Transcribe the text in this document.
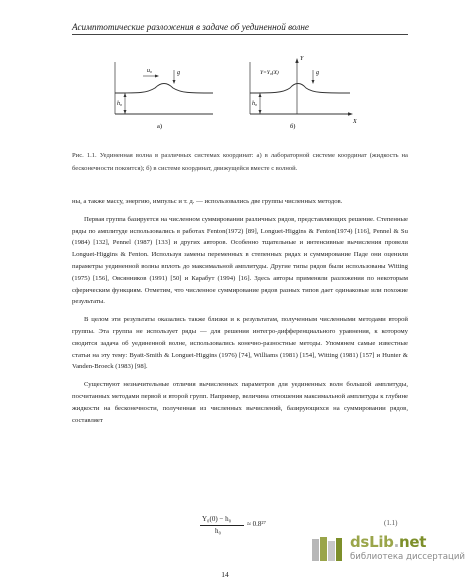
Асимптотические разложения в задаче об уединенной волне
u₀	g
h₀
а)
Y
Y=Y₀(X)	g
h₀
X
б)
Рис. 1.1. Уединенная волна в различных системах координат: а) в лабораторной системе координат (жидкость на бесконечности покоится); б) в системе координат, движущейся вместе с волной.

ны, а также массу, энергию, импульс и т. д. — использовались две группы численных методов.

Первая группа базируется на численном суммировании различных рядов, представляющих решение. Степенные ряды по амплитуде использовались в работах Fenton(1972) [89], Longuet-Higgins & Fenton(1974) [116], Pennel & Su (1984) [132], Pennel (1987) [133] и других авторов. Особенно тщательные и интенсивные вычисления провели Longuet-Higgins & Fenton. Используя замены переменных в степенных рядах и суммирование Паде они оценили параметры уединенной волны вплоть до максимальной амплитуды. Другие типы рядов были использованы Witting (1975) [156], Овсянников (1991) [50] и Карабут (1994) [16]. Здесь авторы применяли разложения по некоторым сферическим функциям. Отметим, что численное суммирование рядов разных типов дает одинаковые или похожие результаты.

В целом эти результаты оказались также близки и к результатам, полученным численными методами второй группы. Эта группа не использует ряды — для решения интегро-дифференциального уравнения, к которому сводится задача об уединенной волне, использовались конечно-разностные методы. Упомянем самые известные статьи на эту тему: Byatt-Smith & Longuet-Higgins (1976) [74], Williams (1981) [154], Witting (1981) [157] и Hunter & Vanden-Broeck (1983) [98].

Существуют незначительные отличия вычисленных параметров для уединенных волн большой амплитуды, посчитанных методами первой и второй групп. Например, величина отношения максимальной амплитуды к глубине жидкости на бесконечности, полученная из численных вычислений, базирующихся на суммировании рядов, составляет

Y₀(0) − h₀
h₀
≈ 0.8²⁷	(1.1)
14
dsLib.net
библиотека диссертаций
